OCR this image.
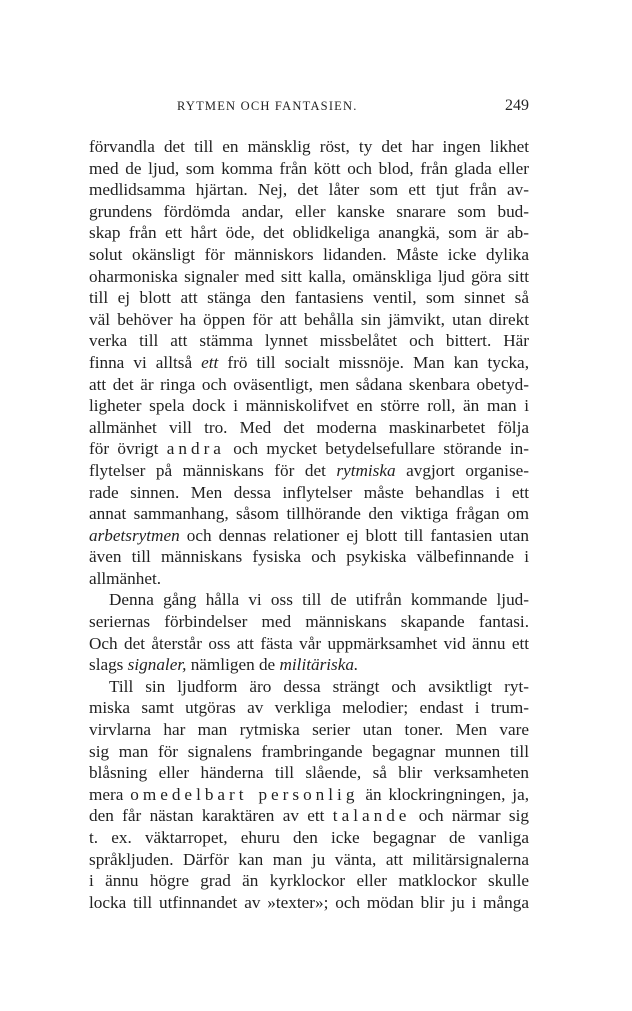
RYTMEN OCH FANTASIEN.	249
förvandla det till en mänsklig röst, ty det har ingen likhet
med de ljud, som komma från kött och blod, från glada eller
medlidsamma hjärtan. Nej, det låter som ett tjut från av-
grundens fördömda andar, eller kanske snarare som bud-
skap från ett hårt öde, det oblidkeliga anangkä, som är ab-
solut okänsligt för människors lidanden. Måste icke dylika
oharmoniska signaler med sitt kalla, omänskliga ljud göra sitt
till ej blott att stänga den fantasiens ventil, som sinnet så
väl behöver ha öppen för att behålla sin jämvikt, utan direkt
verka till att stämma lynnet missbelåtet och bittert. Här
finna vi alltså ett frö till socialt missnöje. Man kan tycka,
att det är ringa och oväsentligt, men sådana skenbara obetyd-
ligheter spela dock i människolifvet en större roll, än man i
allmänhet vill tro. Med det moderna maskinarbetet följa
för övrigt andra och mycket betydelsefullare störande in-
flytelser på människans för det rytmiska avgjort organise-
rade sinnen. Men dessa inflytelser måste behandlas i ett
annat sammanhang, såsom tillhörande den viktiga frågan om
arbetsrytmen och dennas relationer ej blott till fantasien utan
även till människans fysiska och psykiska välbefinnande i
allmänhet.
Denna gång hålla vi oss till de utifrån kommande ljud-
seriernas förbindelser med människans skapande fantasi.
Och det återstår oss att fästa vår uppmärksamhet vid ännu ett
slags signaler, nämligen de militäriska.
Till sin ljudform äro dessa strängt och avsiktligt ryt-
miska samt utgöras av verkliga melodier; endast i trum-
virvlarna har man rytmiska serier utan toner. Men vare
sig man för signalens frambringande begagnar munnen till
blåsning eller händerna till slående, så blir verksamheten
mera omedelbart personlig än klockringningen, ja,
den får nästan karaktären av ett talande och närmar sig
t. ex. väktarropet, ehuru den icke begagnar de vanliga
språkljuden. Därför kan man ju vänta, att militärsignalerna
i ännu högre grad än kyrklockor eller matklockor skulle
locka till utfinnandet av »texter»; och mödan blir ju i många
